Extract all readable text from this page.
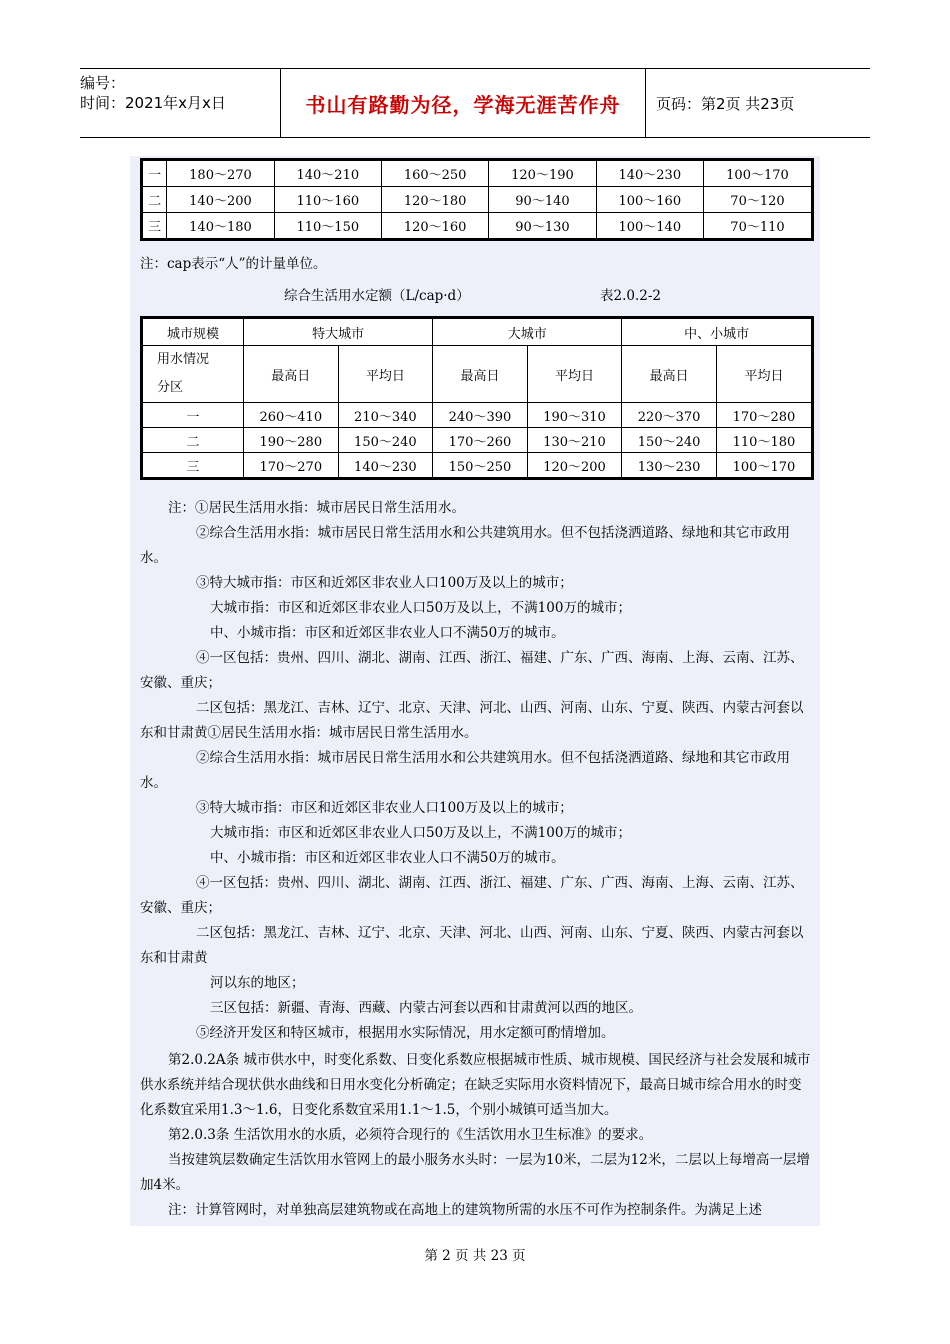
编号：
时间：2021年x月x日	书山有路勤为径，学海无涯苦作舟	页码：第2页 共23页
一	180～270	140～210	160～250	120～190	140～230	100～170
二	140～200	110～160	120～180	90～140	100～160	70～120
三	140～180	110～150	120～160	90～130	100～140	70～110
注：cap表示“人”的计量单位。
综合生活用水定额（L/cap·d）	表2.0.2-2
城市规模	特大城市		大城市		中、小城市	

用水情况
分区	最高日	平均日	最高日	平均日	最高日	平均日
一	260～410	210～340	240～390	190～310	220～370	170～280
二	190～280	150～240	170～260	130～210	150～240	110～180
三	170～270	140～230	150～250	120～200	130～230	100～170

注：①居民生活用水指：城市居民日常生活用水。

②综合生活用水指：城市居民日常生活用水和公共建筑用水。但不包括浇洒道路、绿地和其它市政用水。

③特大城市指：市区和近郊区非农业人口100万及以上的城市；

大城市指：市区和近郊区非农业人口50万及以上，不满100万的城市；

中、小城市指：市区和近郊区非农业人口不满50万的城市。

④一区包括：贵州、四川、湖北、湖南、江西、浙江、福建、广东、广西、海南、上海、云南、江苏、安徽、重庆；

二区包括：黑龙江、吉林、辽宁、北京、天津、河北、山西、河南、山东、宁夏、陕西、内蒙古河套以东和甘肃黄①居民生活用水指：城市居民日常生活用水。

②综合生活用水指：城市居民日常生活用水和公共建筑用水。但不包括浇洒道路、绿地和其它市政用水。

③特大城市指：市区和近郊区非农业人口100万及以上的城市；

大城市指：市区和近郊区非农业人口50万及以上，不满100万的城市；

中、小城市指：市区和近郊区非农业人口不满50万的城市。

④一区包括：贵州、四川、湖北、湖南、江西、浙江、福建、广东、广西、海南、上海、云南、江苏、安徽、重庆；

二区包括：黑龙江、吉林、辽宁、北京、天津、河北、山西、河南、山东、宁夏、陕西、内蒙古河套以东和甘肃黄

河以东的地区；

三区包括：新疆、青海、西藏、内蒙古河套以西和甘肃黄河以西的地区。

⑤经济开发区和特区城市，根据用水实际情况，用水定额可酌情增加。

第2.0.2A条 城市供水中，时变化系数、日变化系数应根据城市性质、城市规模、国民经济与社会发展和城市供水系统并结合现状供水曲线和日用水变化分析确定；在缺乏实际用水资料情况下，最高日城市综合用水的时变化系数宜采用1.3～1.6，日变化系数宜采用1.1～1.5，个别小城镇可适当加大。

第2.0.3条 生活饮用水的水质，必须符合现行的《生活饮用水卫生标准》的要求。

当按建筑层数确定生活饮用水管网上的最小服务水头时：一层为10米，二层为12米，二层以上每增高一层增加4米。

注：计算管网时，对单独高层建筑物或在高地上的建筑物所需的水压不可作为控制条件。为满足上述

第 2 页 共 23 页
